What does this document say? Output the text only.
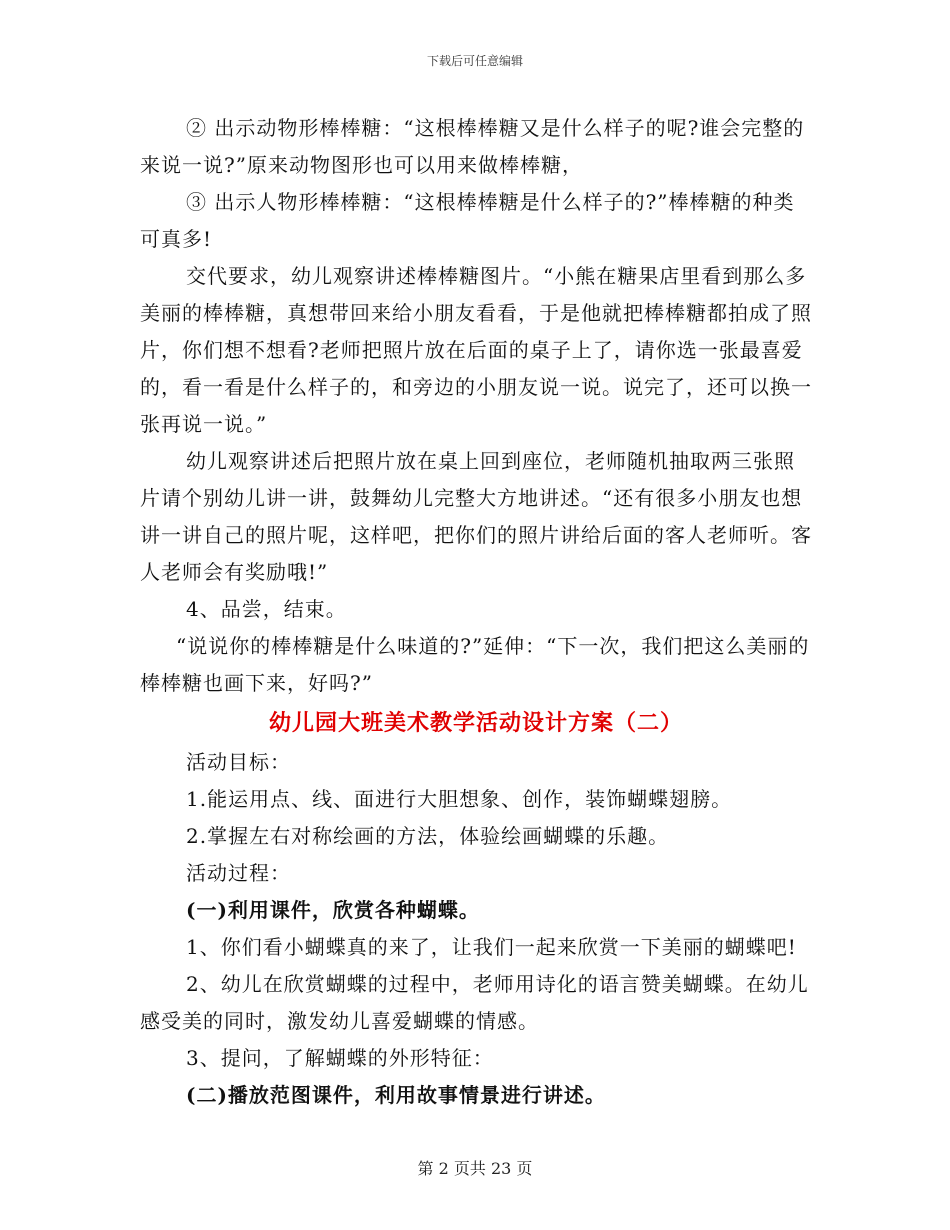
下载后可任意编辑

② 出示动物形棒棒糖：“这根棒棒糖又是什么样子的呢?谁会完整的来说一说?”原来动物图形也可以用来做棒棒糖，

③ 出示人物形棒棒糖：“这根棒棒糖是什么样子的?”棒棒糖的种类可真多!

交代要求，幼儿观察讲述棒棒糖图片。“小熊在糖果店里看到那么多美丽的棒棒糖，真想带回来给小朋友看看，于是他就把棒棒糖都拍成了照片，你们想不想看?老师把照片放在后面的桌子上了，请你选一张最喜爱的，看一看是什么样子的，和旁边的小朋友说一说。说完了，还可以换一张再说一说。”

幼儿观察讲述后把照片放在桌上回到座位，老师随机抽取两三张照片请个别幼儿讲一讲，鼓舞幼儿完整大方地讲述。“还有很多小朋友也想讲一讲自己的照片呢，这样吧，把你们的照片讲给后面的客人老师听。客人老师会有奖励哦!”

4、品尝，结束。

“说说你的棒棒糖是什么味道的?”延伸：“下一次，我们把这么美丽的棒棒糖也画下来，好吗?”

幼儿园大班美术教学活动设计方案（二）

活动目标：

1.能运用点、线、面进行大胆想象、创作，装饰蝴蝶翅膀。

2.掌握左右对称绘画的方法，体验绘画蝴蝶的乐趣。

活动过程：

(一)利用课件，欣赏各种蝴蝶。

1、你们看小蝴蝶真的来了，让我们一起来欣赏一下美丽的蝴蝶吧!

2、幼儿在欣赏蝴蝶的过程中，老师用诗化的语言赞美蝴蝶。在幼儿感受美的同时，激发幼儿喜爱蝴蝶的情感。

3、提问，了解蝴蝶的外形特征：

(二)播放范图课件，利用故事情景进行讲述。

第 2 页共 23 页
